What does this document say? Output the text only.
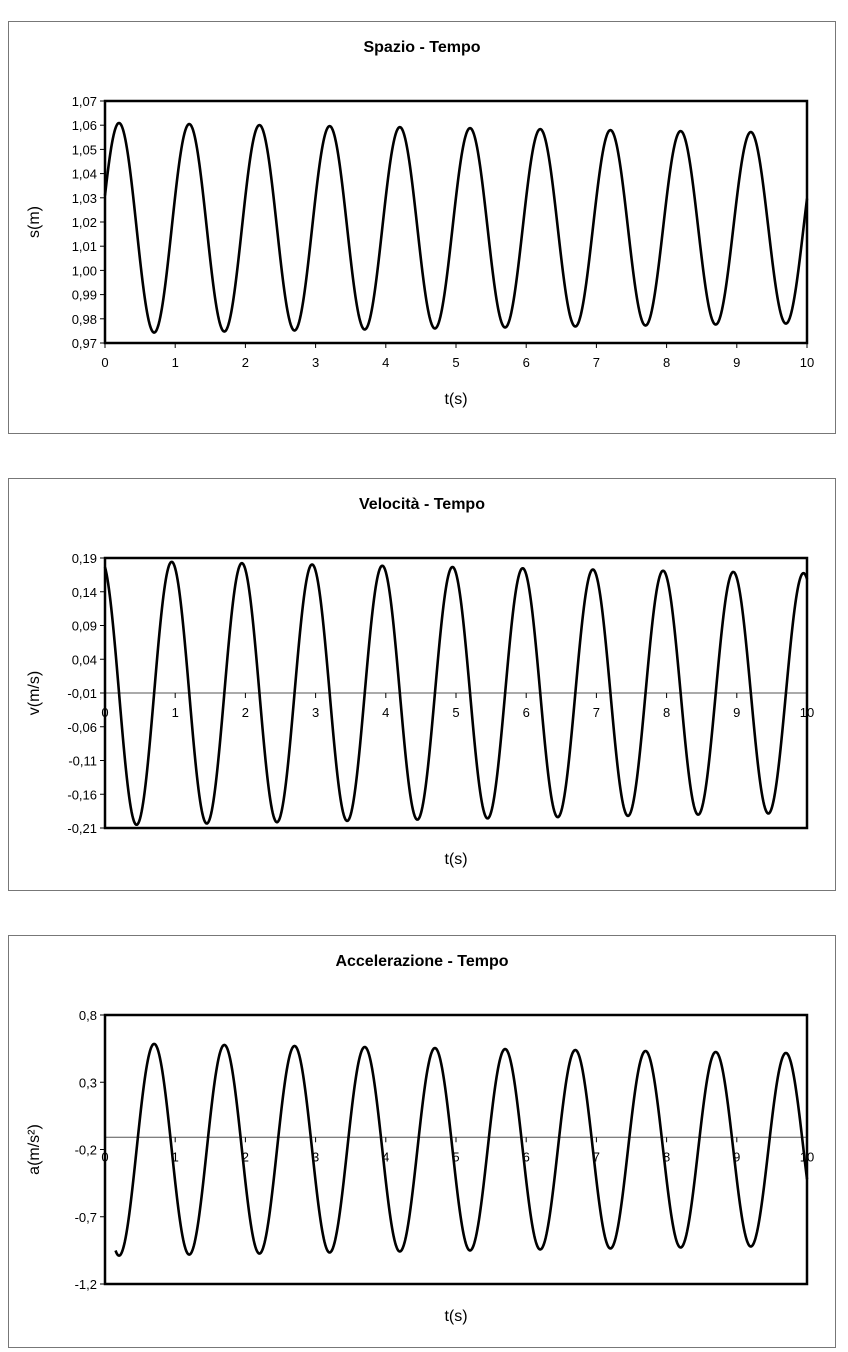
Spazio - Tempo
1,07
1,06
1,05
1,04
1,03
1,02
1,01
1,00
0,99
0,98
0,97
0	1	2	3	4	5	6	7	8	9	10
t(s)
s(m)
Velocità - Tempo
0,19
0,14
0,09
0,04
-0,01
-0,06
-0,11
-0,16
-0,21
0	1	2	3	4	5	6	7	8	9	10
t(s)
v(m/s)
Accelerazione - Tempo
0,8
0,3
-0,2
-0,7
-1,2
0	1	2	3	4	5	6	7	8	9	10
t(s)
a(m/s²)
